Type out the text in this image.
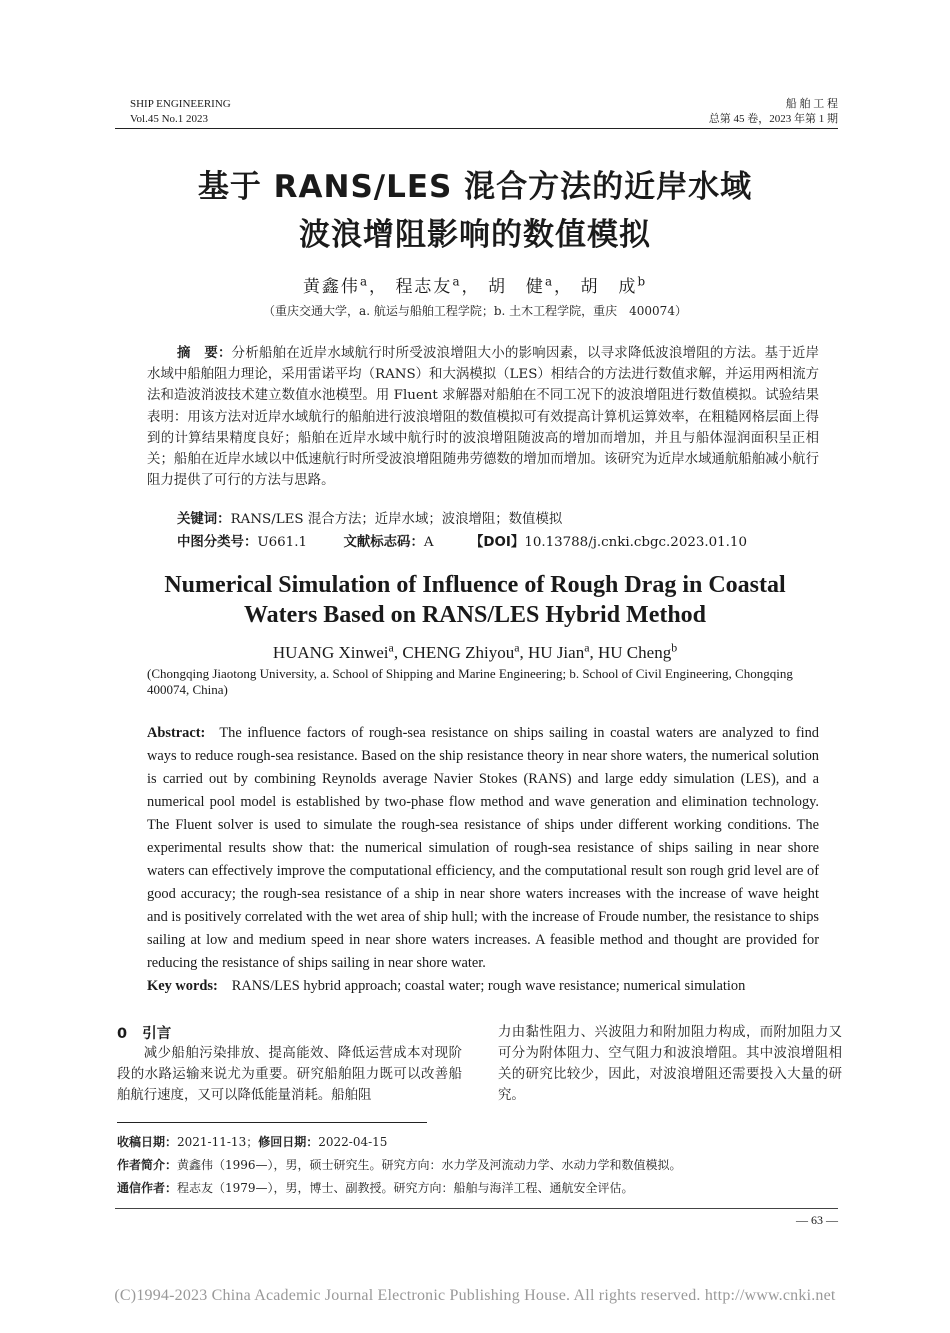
SHIP ENGINEERING
Vol.45 No.1 2023
船 舶 工 程
总第 45 卷，2023 年第 1 期
基于 RANS/LES 混合方法的近岸水域
波浪增阻影响的数值模拟
黄鑫伟$^a$， 程志友$^a$， 胡　健$^a$， 胡　成$^b$
（重庆交通大学，a. 航运与船舶工程学院；b. 土木工程学院，重庆　400074）
摘　要：分析船舶在近岸水域航行时所受波浪增阻大小的影响因素，以寻求降低波浪增阻的方法。基于近岸水域中船舶阻力理论，采用雷诺平均（RANS）和大涡模拟（LES）相结合的方法进行数值求解，并运用两相流方法和造波消波技术建立数值水池模型。用 Fluent 求解器对船舶在不同工况下的波浪增阻进行数值模拟。试验结果表明：用该方法对近岸水域航行的船舶进行波浪增阻的数值模拟可有效提高计算机运算效率，在粗糙网格层面上得到的计算结果精度良好；船舶在近岸水域中航行时的波浪增阻随波高的增加而增加，并且与船体湿润面积呈正相关；船舶在近岸水域以中低速航行时所受波浪增阻随弗劳德数的增加而增加。该研究为近岸水域通航船舶减小航行阻力提供了可行的方法与思路。
关键词：RANS/LES 混合方法；近岸水域；波浪增阻；数值模拟
中图分类号：U661.1	文献标志码：A	【DOI】10.13788/j.cnki.cbgc.2023.01.10
Numerical Simulation of Influence of Rough Drag in Coastal
Waters Based on RANS/LES Hybrid Method
HUANG Xinwei$^a$, CHENG Zhiyou$^a$, HU Jian$^a$, HU Cheng$^b$
(Chongqing Jiaotong University, a. School of Shipping and Marine Engineering; b. School of Civil Engineering, Chongqing 400074, China)
Abstract: The influence factors of rough-sea resistance on ships sailing in coastal waters are analyzed to find ways to reduce rough-sea resistance. Based on the ship resistance theory in near shore waters, the numerical solution is carried out by combining Reynolds average Navier Stokes (RANS) and large eddy simulation (LES), and a numerical pool model is established by two-phase flow method and wave generation and elimination technology. The Fluent solver is used to simulate the rough-sea resistance of ships under different working conditions. The experimental results show that: the numerical simulation of rough-sea resistance of ships sailing in near shore waters can effectively improve the computational efficiency, and the computational result son rough grid level are of good accuracy; the rough-sea resistance of a ship in near shore waters increases with the increase of wave height and is positively correlated with the wet area of ship hull; with the increase of Froude number, the resistance to ships sailing at low and medium speed in near shore waters increases. A feasible method and thought are provided for reducing the resistance of ships sailing in near shore water.
Key words: RANS/LES hybrid approach; coastal water; rough wave resistance; numerical simulation
0 引言
减少船舶污染排放、提高能效、降低运营成本对现阶段的水路运输来说尤为重要。研究船舶阻力既可以改善船舶航行速度，又可以降低能量消耗。船舶阻
力由黏性阻力、兴波阻力和附加阻力构成，而附加阻力又可分为附体阻力、空气阻力和波浪增阻。其中波浪增阻相关的研究比较少，因此，对波浪增阻还需要投入大量的研究。
收稿日期：2021-11-13；修回日期：2022-04-15
作者简介：黄鑫伟（1996—），男，硕士研究生。研究方向：水力学及河流动力学、水动力学和数值模拟。
通信作者：程志友（1979—），男，博士、副教授。研究方向：船舶与海洋工程、通航安全评估。
— 63 —
(C)1994-2023 China Academic Journal Electronic Publishing House. All rights reserved. http://www.cnki.net
